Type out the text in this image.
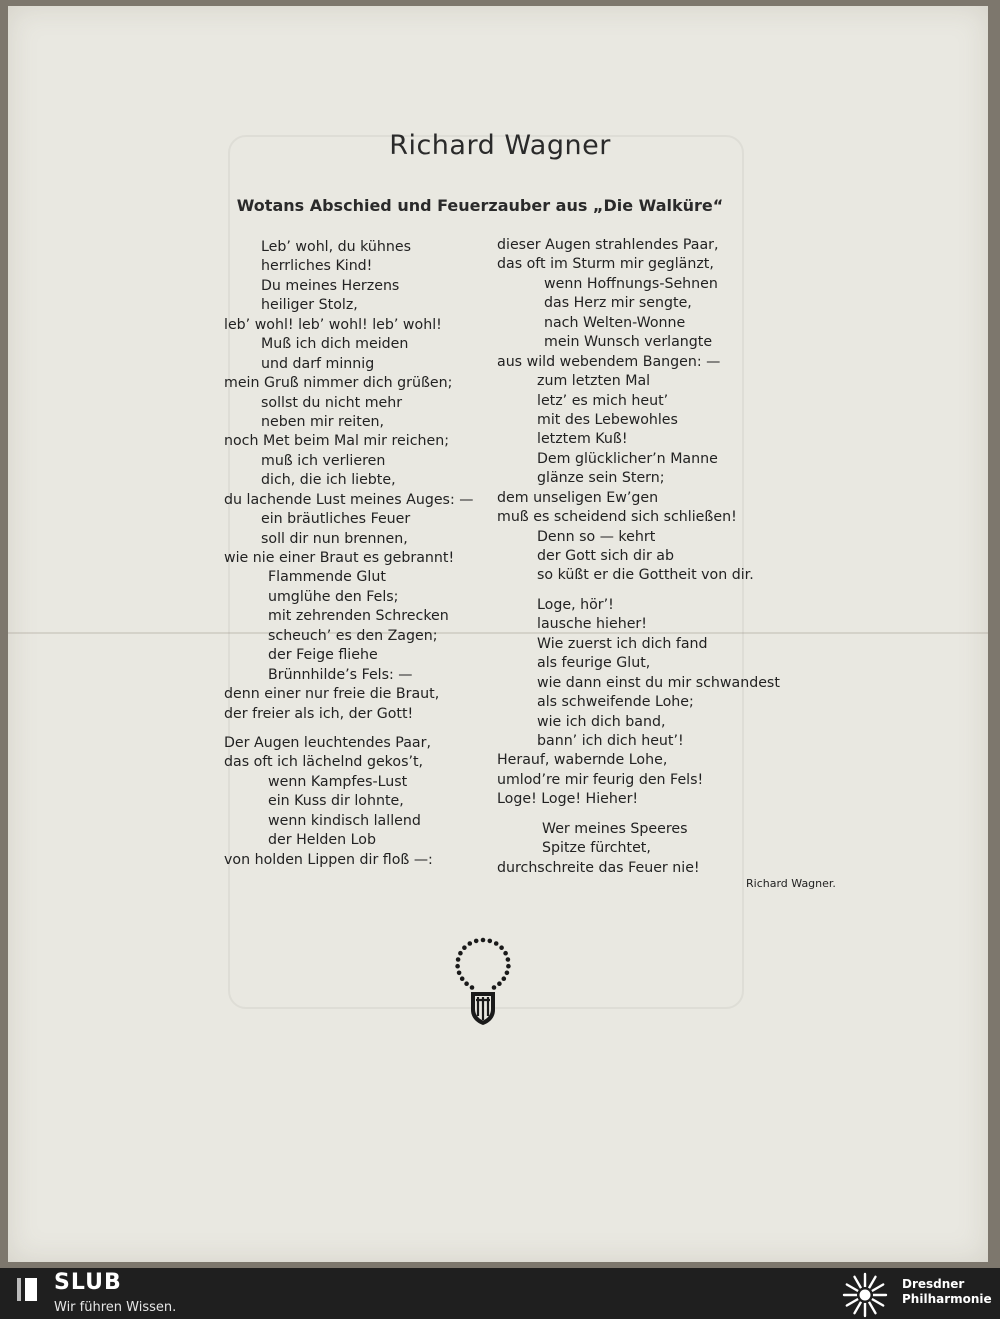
Richard Wagner
Wotans Abschied und Feuerzauber aus „Die Walküre“
Leb’ wohl, du kühnes
herrliches Kind!
Du meines Herzens
heiliger Stolz,
leb’ wohl! leb’ wohl! leb’ wohl!
Muß ich dich meiden
und darf minnig
mein Gruß nimmer dich grüßen;
sollst du nicht mehr
neben mir reiten,
noch Met beim Mal mir reichen;
muß ich verlieren
dich, die ich liebte,
du lachende Lust meines Auges: —
ein bräutliches Feuer
soll dir nun brennen,
wie nie einer Braut es gebrannt!
Flammende Glut
umglühe den Fels;
mit zehrenden Schrecken
scheuch’ es den Zagen;
der Feige fliehe
Brünnhilde’s Fels: —
denn einer nur freie die Braut,
der freier als ich, der Gott!
Der Augen leuchtendes Paar,
das oft ich lächelnd gekos’t,
wenn Kampfes-Lust
ein Kuss dir lohnte,
wenn kindisch lallend
der Helden Lob
von holden Lippen dir floß —:
dieser Augen strahlendes Paar,
das oft im Sturm mir geglänzt,
wenn Hoffnungs-Sehnen
das Herz mir sengte,
nach Welten-Wonne
mein Wunsch verlangte
aus wild webendem Bangen: —
zum letzten Mal
letz’ es mich heut’
mit des Lebewohles
letztem Kuß!
Dem glücklicher’n Manne
glänze sein Stern;
dem unseligen Ew’gen
muß es scheidend sich schließen!
Denn so — kehrt
der Gott sich dir ab
so küßt er die Gottheit von dir.
Loge, hör’!
lausche hieher!
Wie zuerst ich dich fand
als feurige Glut,
wie dann einst du mir schwandest
als schweifende Lohe;
wie ich dich band,
bann’ ich dich heut’!
Herauf, wabernde Lohe,
umlod’re mir feurig den Fels!
Loge! Loge! Hieher!
Wer meines Speeres
Spitze fürchtet,
durchschreite das Feuer nie!
Richard Wagner.
SLUB
Wir führen Wissen.
Dresdner
Philharmonie
